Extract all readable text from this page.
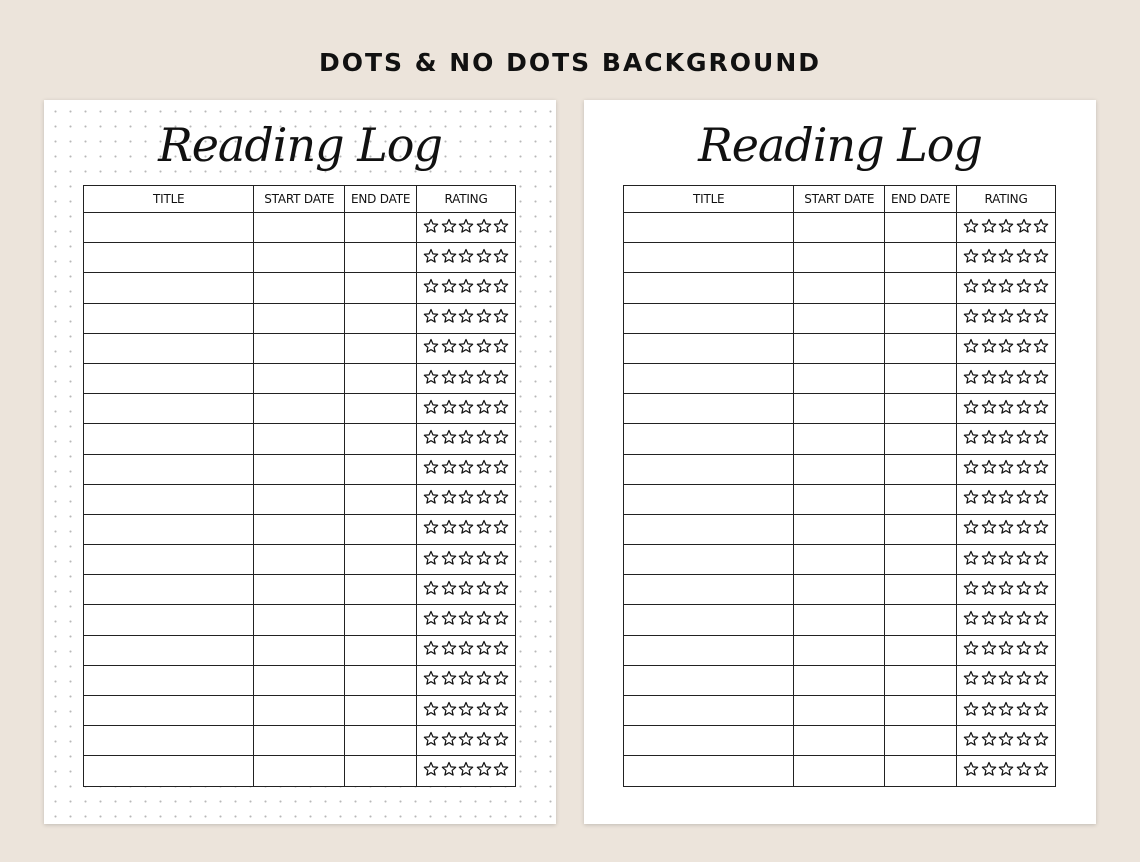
DOTS & NO DOTS BACKGROUND
Reading Log
TITLE	START DATE	END DATE	RATING

Reading Log
TITLE	START DATE	END DATE	RATING
